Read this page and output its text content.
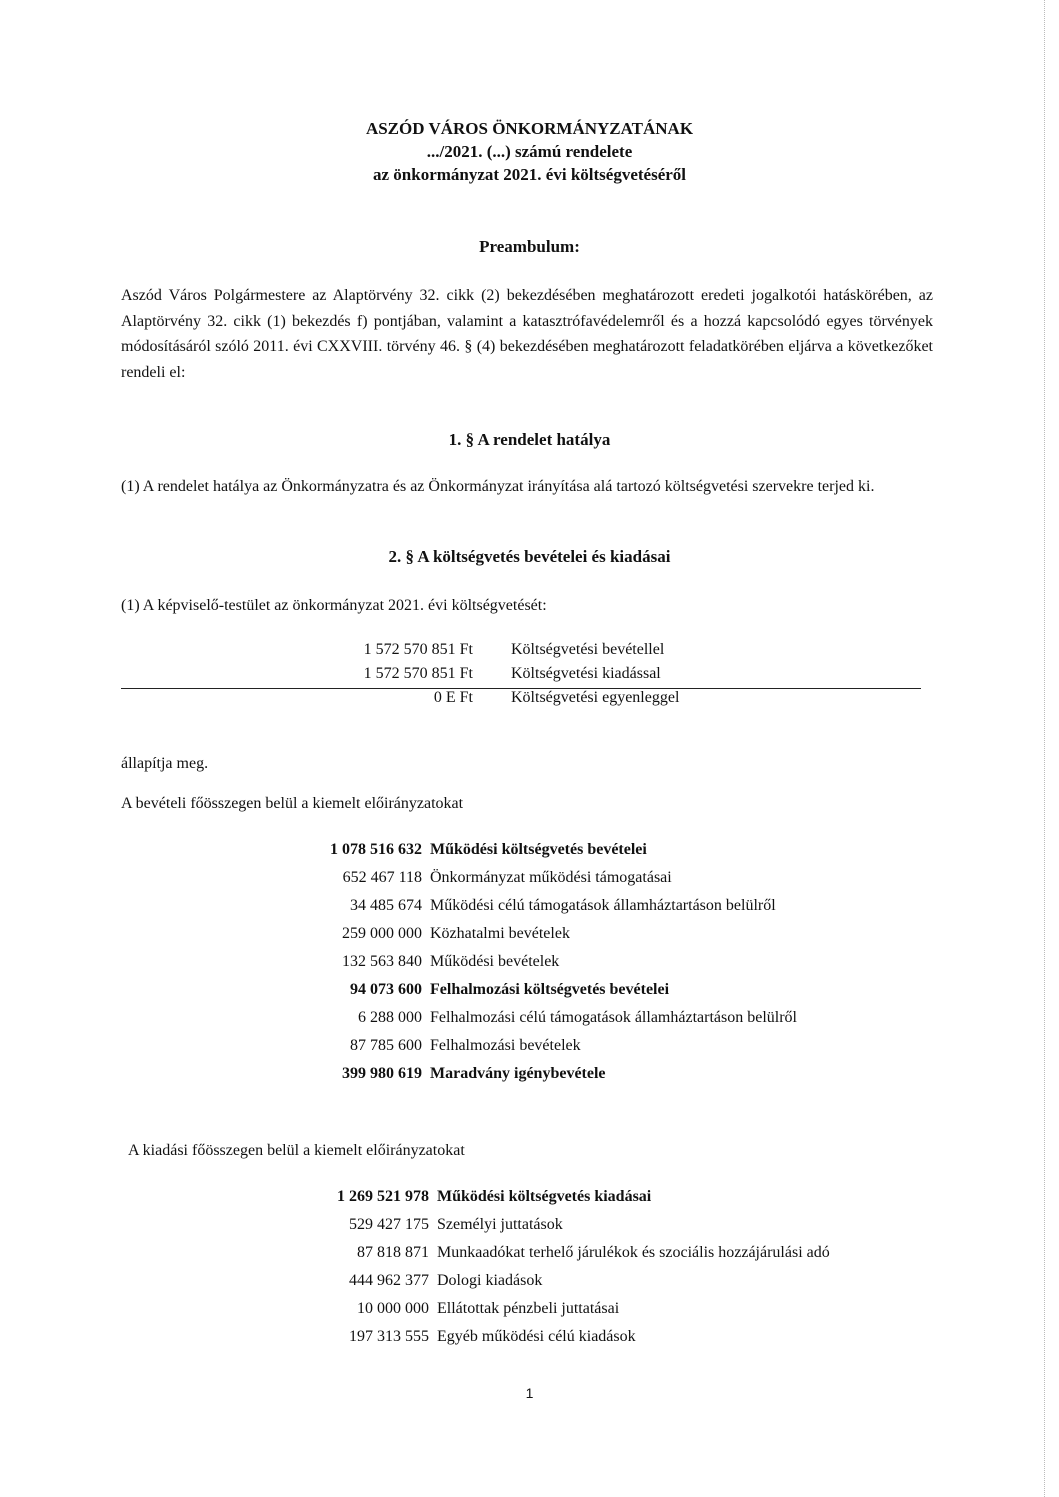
ASZÓD VÁROS ÖNKORMÁNYZATÁNAK
.../2021. (...) számú rendelete
az önkormányzat 2021. évi költségvetéséről
Preambulum:
Aszód Város Polgármestere az Alaptörvény 32. cikk (2) bekezdésében meghatározott eredeti jogalkotói hatáskörében, az Alaptörvény 32. cikk (1) bekezdés f) pontjában, valamint a katasztrófavédelemről és a hozzá kapcsolódó egyes törvények módosításáról szóló 2011. évi CXXVIII. törvény 46. § (4) bekezdésében meghatározott feladatkörében eljárva a következőket rendeli el:
1. § A rendelet hatálya
(1) A rendelet hatálya az Önkormányzatra és az Önkormányzat irányítása alá tartozó költségvetési szervekre terjed ki.
2. § A költségvetés bevételei és kiadásai
(1) A képviselő-testület az önkormányzat 2021. évi költségvetését:
1 572 570 851 Ft Költségvetési bevétellel
1 572 570 851 Ft Költségvetési kiadással
0 E Ft Költségvetési egyenleggel
állapítja meg.
A bevételi főösszegen belül a kiemelt előirányzatokat
1 078 516 632 Működési költségvetés bevételei
652 467 118 Önkormányzat működési támogatásai
34 485 674 Működési célú támogatások államháztartáson belülről
259 000 000 Közhatalmi bevételek
132 563 840 Működési bevételek
94 073 600 Felhalmozási költségvetés bevételei
6 288 000 Felhalmozási célú támogatások államháztartáson belülről
87 785 600 Felhalmozási bevételek
399 980 619 Maradvány igénybevétele
A kiadási főösszegen belül a kiemelt előirányzatokat
1 269 521 978 Működési költségvetés kiadásai
529 427 175 Személyi juttatások
87 818 871 Munkaadókat terhelő járulékok és szociális hozzájárulási adó
444 962 377 Dologi kiadások
10 000 000 Ellátottak pénzbeli juttatásai
197 313 555 Egyéb működési célú kiadások
1
